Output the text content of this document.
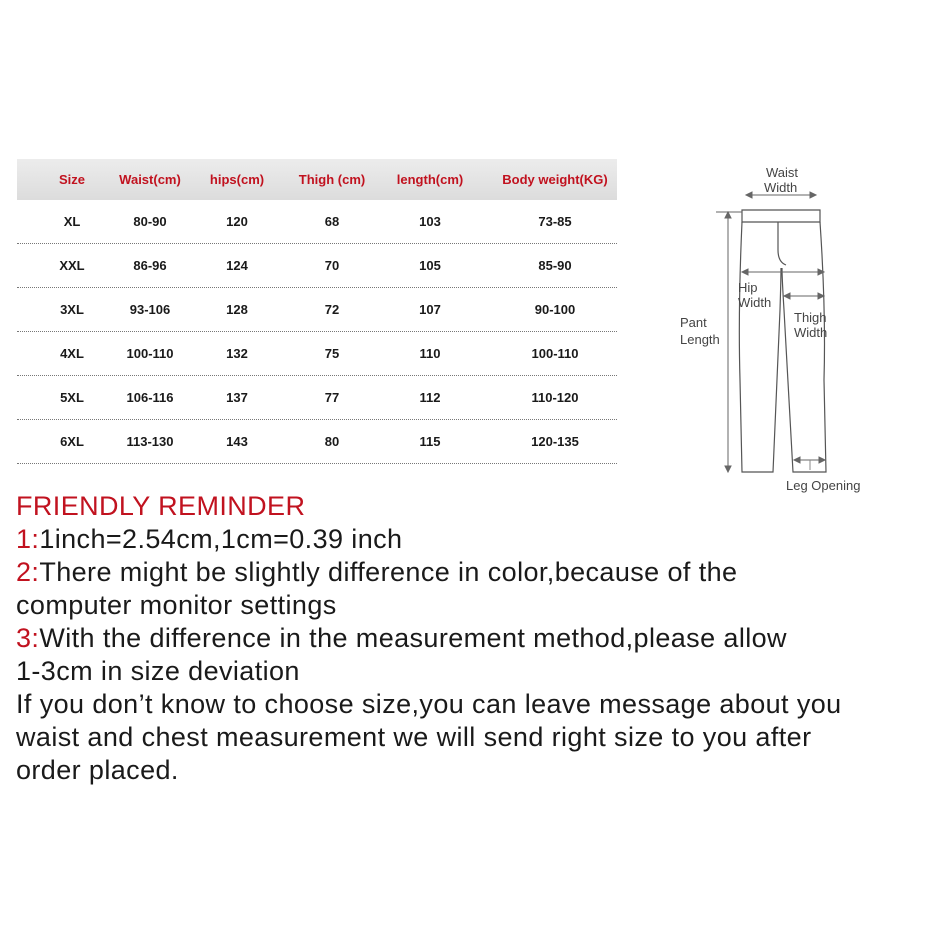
Size	Waist(cm)	hips(cm)	Thigh (cm)	length(cm)	Body weight(KG)
XL	80-90	120	68	103	73-85
XXL	86-96	124	70	105	85-90
3XL	93-106	128	72	107	90-100
4XL	100-110	132	75	110	100-110
5XL	106-116	137	77	112	110-120
6XL	113-130	143	80	115	120-135
Waist
Width
Hip
Width
Thigh
Width
Pant
Length
Leg Opening
FRIENDLY REMINDER
1:1inch=2.54cm,1cm=0.39 inch
2:There might be slightly difference in color,because of the
computer monitor settings
3:With the difference in the measurement method,please allow
1-3cm in size deviation
If you don’t know to choose size,you can leave message about you
waist and chest measurement we will send right size to you after
order placed.
